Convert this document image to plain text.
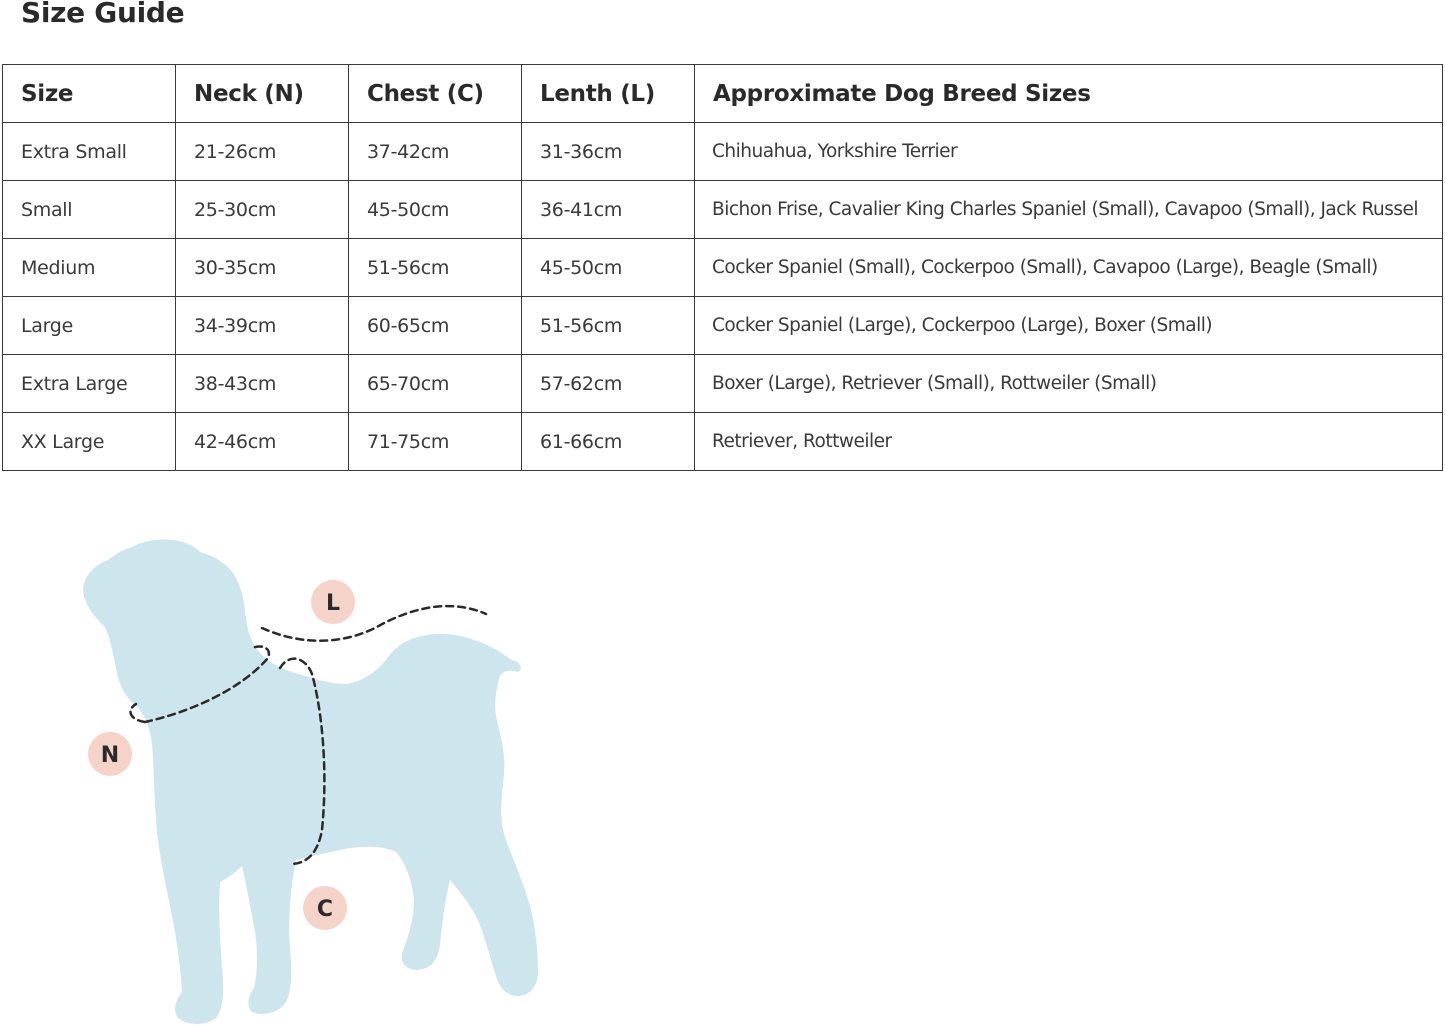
Size Guide
Size	Neck (N)	Chest (C)	Lenth (L)	Approximate Dog Breed Sizes
Extra Small	21-26cm	37-42cm	31-36cm	Chihuahua, Yorkshire Terrier
Small	25-30cm	45-50cm	36-41cm	Bichon Frise, Cavalier King Charles Spaniel (Small), Cavapoo (Small), Jack Russel
Medium	30-35cm	51-56cm	45-50cm	Cocker Spaniel (Small), Cockerpoo (Small), Cavapoo (Large), Beagle (Small)
Large	34-39cm	60-65cm	51-56cm	Cocker Spaniel (Large), Cockerpoo (Large), Boxer (Small)
Extra Large	38-43cm	65-70cm	57-62cm	Boxer (Large), Retriever (Small), Rottweiler (Small)
XX Large	42-46cm	71-75cm	61-66cm	Retriever, Rottweiler
L
N
C
